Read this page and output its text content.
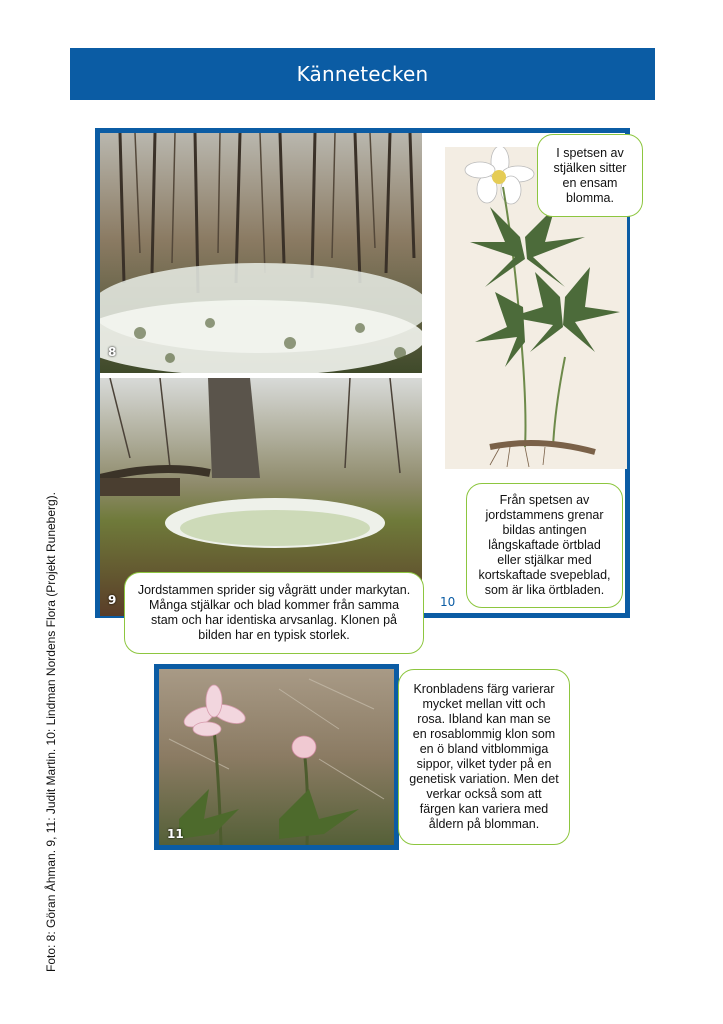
Kännetecken
8
9	10
I spetsen av stjälken sitter en ensam blomma.
Från spetsen av jordstammens grenar bildas antingen långskaftade örtblad eller stjälkar med kortskaftade svepeblad, som är lika örtbladen.
Jordstammen sprider sig vågrätt under markytan. Många stjälkar och blad kommer från samma stam och har identiska arvsanlag. Klonen på bilden har en typisk storlek.
11
Kronbladens färg varierar mycket mellan vitt och rosa. Ibland kan man se en rosablommig klon som en ö bland vitblommiga sippor, vilket tyder på en genetisk variation. Men det verkar också som att färgen kan variera med åldern på blomman.
Foto: 8: Göran Åhman. 9, 11: Judit Martin. 10: Lindman Nordens Flora (Projekt Runeberg).
